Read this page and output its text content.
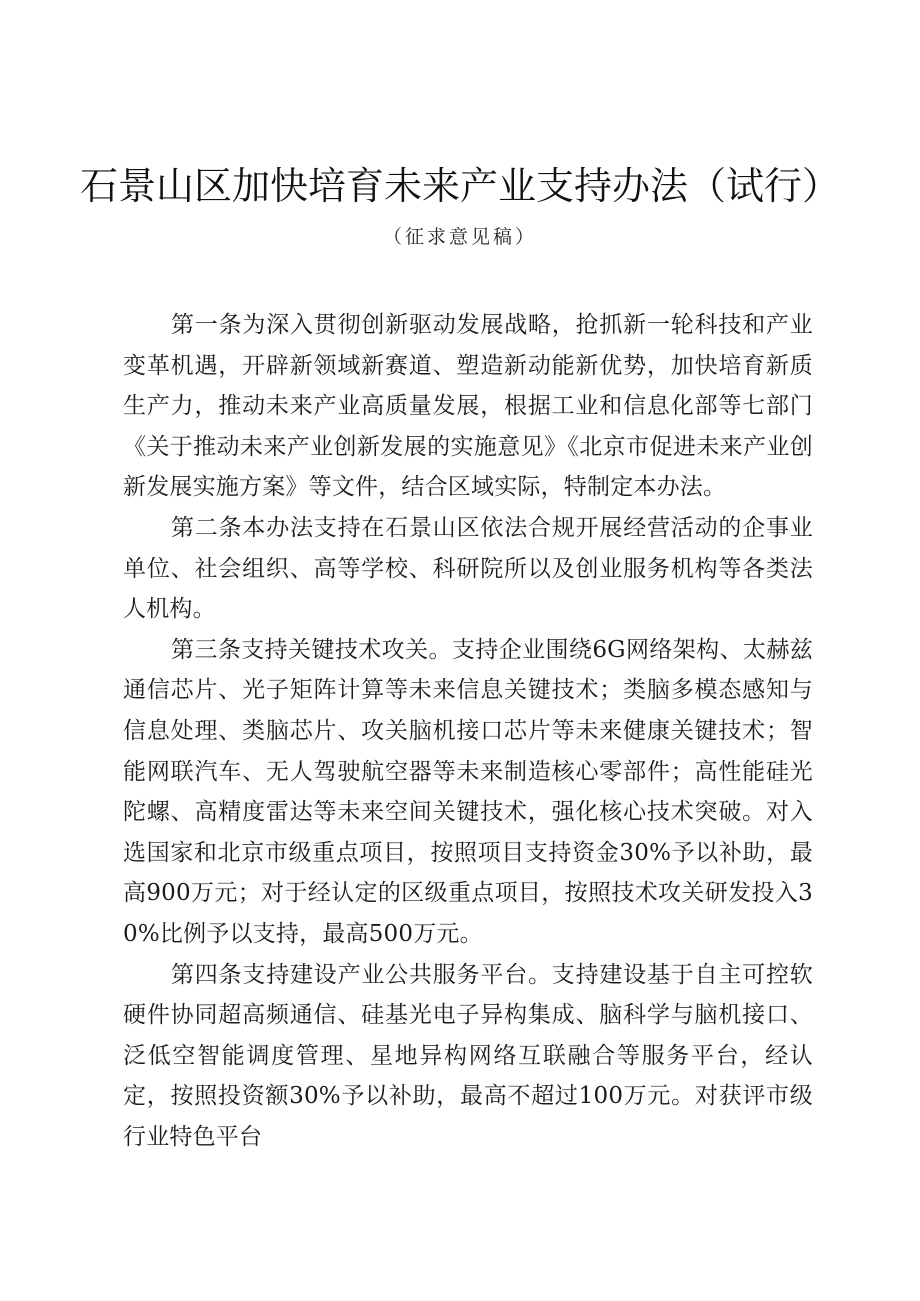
石景山区加快培育未来产业支持办法（试行）
（征求意见稿）

第一条为深入贯彻创新驱动发展战略，抢抓新一轮科技和产业变革机遇，开辟新领域新赛道、塑造新动能新优势，加快培育新质生产力，推动未来产业高质量发展，根据工业和信息化部等七部门《关于推动未来产业创新发展的实施意见》《北京市促进未来产业创新发展实施方案》等文件，结合区域实际，特制定本办法。

第二条本办法支持在石景山区依法合规开展经营活动的企事业单位、社会组织、高等学校、科研院所以及创业服务机构等各类法人机构。

第三条支持关键技术攻关。支持企业围绕6G网络架构、太赫兹通信芯片、光子矩阵计算等未来信息关键技术；类脑多模态感知与信息处理、类脑芯片、攻关脑机接口芯片等未来健康关键技术；智能网联汽车、无人驾驶航空器等未来制造核心零部件；高性能硅光陀螺、高精度雷达等未来空间关键技术，强化核心技术突破。对入选国家和北京市级重点项目，按照项目支持资金30%予以补助，最高900万元；对于经认定的区级重点项目，按照技术攻关研发投入30%比例予以支持，最高500万元。

第四条支持建设产业公共服务平台。支持建设基于自主可控软硬件协同超高频通信、硅基光电子异构集成、脑科学与脑机接口、泛低空智能调度管理、星地异构网络互联融合等服务平台，经认定，按照投资额30%予以补助，最高不超过100万元。对获评市级行业特色平台
